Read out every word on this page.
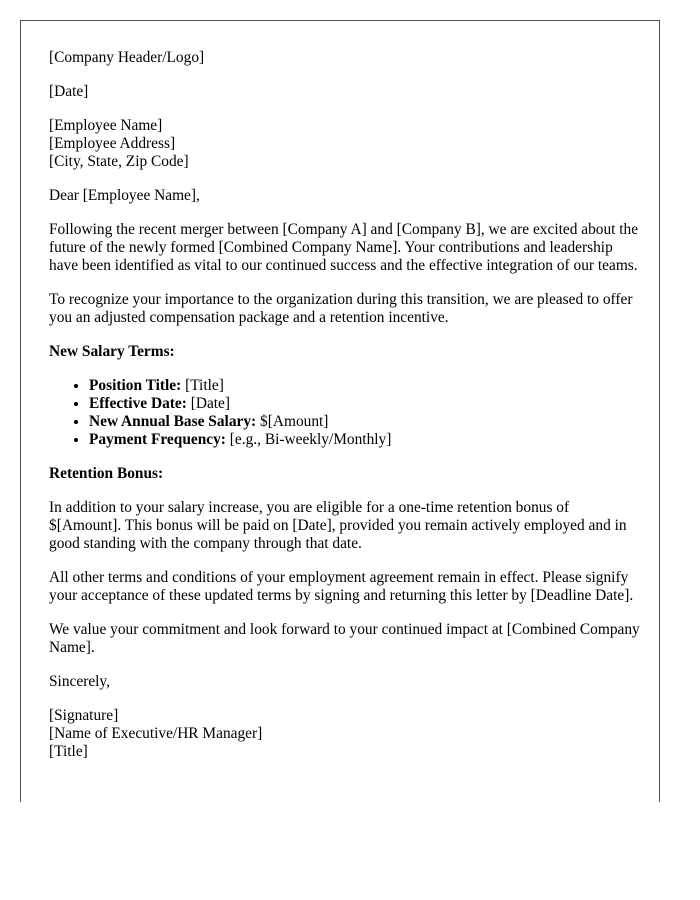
[Company Header/Logo]

[Date]

[Employee Name]
[Employee Address]
[City, State, Zip Code]

Dear [Employee Name],

Following the recent merger between [Company A] and [Company B], we are excited about the future of the newly formed [Combined Company Name]. Your contributions and leadership have been identified as vital to our continued success and the effective integration of our teams.

To recognize your importance to the organization during this transition, we are pleased to offer you an adjusted compensation package and a retention incentive.

New Salary Terms:

• Position Title: [Title]
• Effective Date: [Date]
• New Annual Base Salary: $[Amount]
• Payment Frequency: [e.g., Bi-weekly/Monthly]

Retention Bonus:

In addition to your salary increase, you are eligible for a one-time retention bonus of $[Amount]. This bonus will be paid on [Date], provided you remain actively employed and in good standing with the company through that date.

All other terms and conditions of your employment agreement remain in effect. Please signify your acceptance of these updated terms by signing and returning this letter by [Deadline Date].

We value your commitment and look forward to your continued impact at [Combined Company Name].

Sincerely,

[Signature]
[Name of Executive/HR Manager]
[Title]
